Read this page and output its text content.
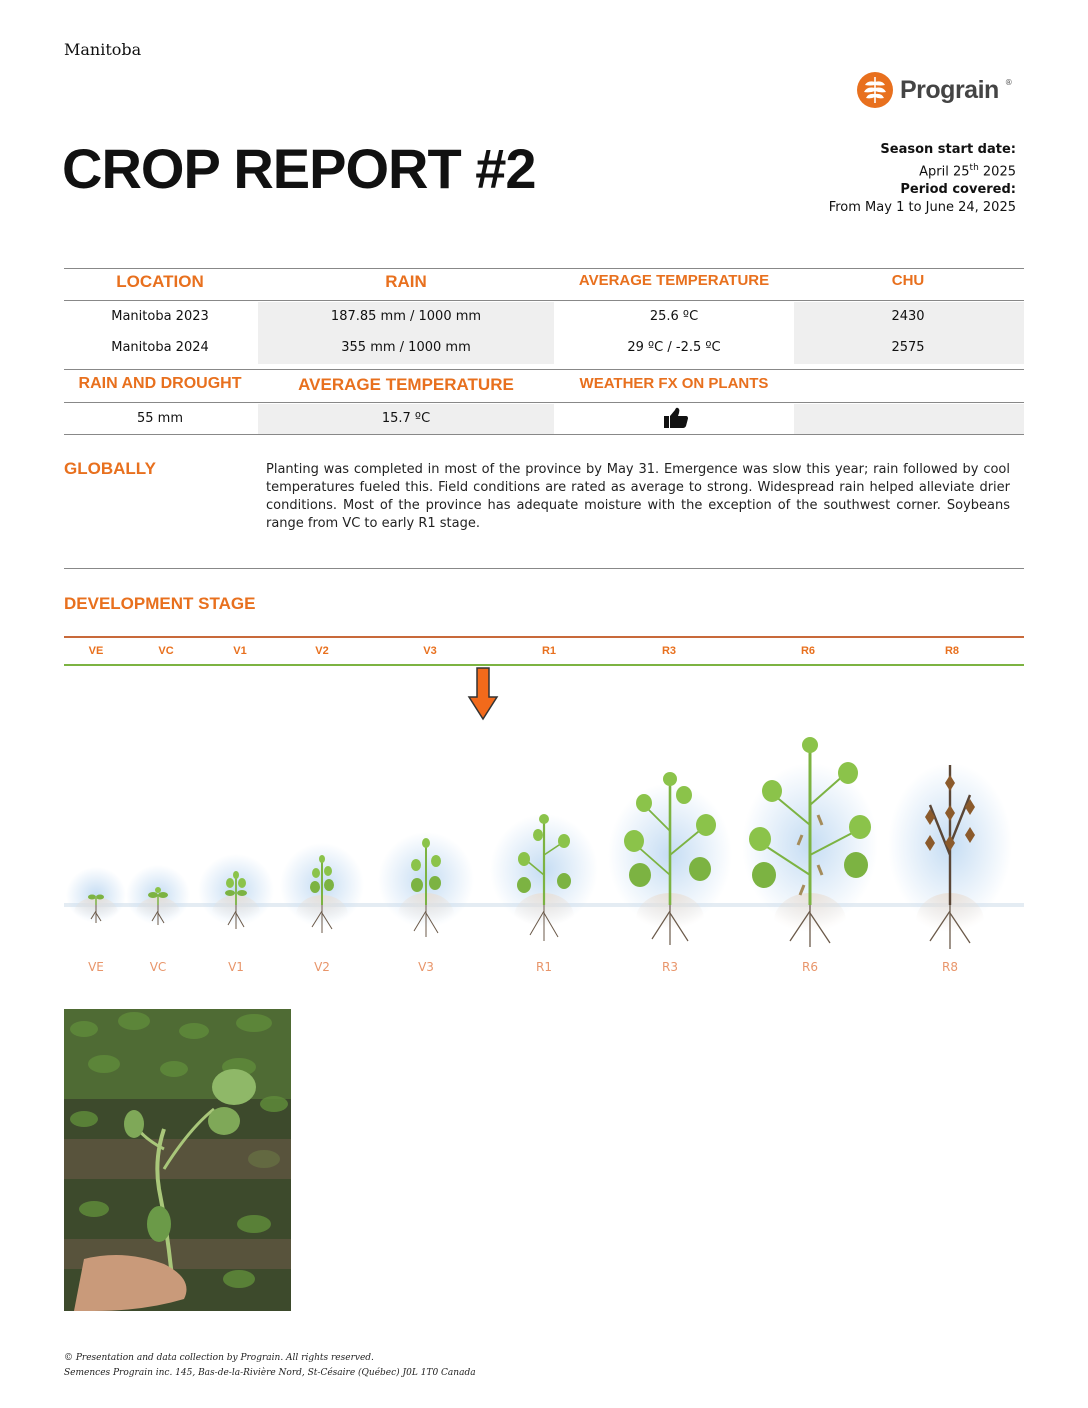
Manitoba
Prograin ®
CROP REPORT #2	Season start date:
April 25th 2025
Period covered:
From May 1 to June 24, 2025
LOCATION	RAIN	AVERAGE TEMPERATURE	CHU
Manitoba 2023	187.85 mm / 1000 mm	25.6 ºC	2430
Manitoba 2024	355 mm / 1000 mm	29 ºC / -2.5 ºC	2575
RAIN AND DROUGHT	AVERAGE TEMPERATURE	WEATHER FX ON PLANTS
55 mm	15.7 ºC
GLOBALLY	Planting was completed in most of the province by May 31. Emergence was slow this year; rain followed by cool temperatures fueled this. Field conditions are rated as average to strong. Widespread rain helped alleviate drier conditions. Most of the province has adequate moisture with the exception of the southwest corner. Soybeans range from VC to early R1 stage.
DEVELOPMENT STAGE
VE	VC	V1	V2	V3	R1	R3	R6	R8
VE	VC	V1	V2	V3	R1	R3	R6	R8
© Presentation and data collection by Prograin. All rights reserved.
Semences Prograin inc. 145, Bas-de-la-Rivière Nord, St-Césaire (Québec) J0L 1T0 Canada
